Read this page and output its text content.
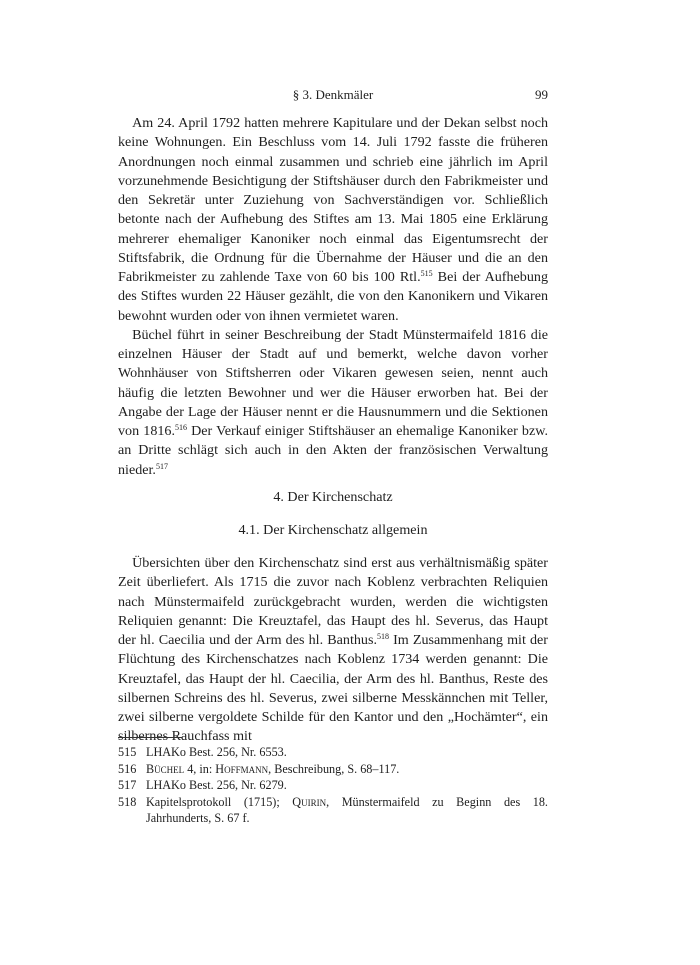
§ 3. Denkmäler	99

Am 24. April 1792 hatten mehrere Kapitulare und der Dekan selbst noch keine Wohnungen. Ein Beschluss vom 14. Juli 1792 fasste die früheren Anordnungen noch einmal zusammen und schrieb eine jährlich im April vorzunehmende Besichtigung der Stiftshäuser durch den Fabrikmeister und den Sekretär unter Zuziehung von Sachverständigen vor. Schließlich betonte nach der Aufhebung des Stiftes am 13. Mai 1805 eine Erklärung mehrerer ehemaliger Kanoniker noch einmal das Eigentumsrecht der Stiftsfabrik, die Ordnung für die Übernahme der Häuser und die an den Fabrikmeister zu zahlende Taxe von 60 bis 100 Rtl.$^{515}$ Bei der Aufhebung des Stiftes wurden 22 Häuser gezählt, die von den Kanonikern und Vikaren bewohnt wurden oder von ihnen vermietet waren.

Büchel führt in seiner Beschreibung der Stadt Münstermaifeld 1816 die einzelnen Häuser der Stadt auf und bemerkt, welche davon vorher Wohnhäuser von Stiftsherren oder Vikaren gewesen seien, nennt auch häufig die letzten Bewohner und wer die Häuser erworben hat. Bei der Angabe der Lage der Häuser nennt er die Hausnummern und die Sektionen von 1816.$^{516}$ Der Verkauf einiger Stiftshäuser an ehemalige Kanoniker bzw. an Dritte schlägt sich auch in den Akten der französischen Verwaltung nieder.$^{517}$

4. Der Kirchenschatz
4.1. Der Kirchenschatz allgemein

Übersichten über den Kirchenschatz sind erst aus verhältnismäßig später Zeit überliefert. Als 1715 die zuvor nach Koblenz verbrachten Reliquien nach Münstermaifeld zurückgebracht wurden, werden die wichtigsten Reliquien genannt: Die Kreuztafel, das Haupt des hl. Severus, das Haupt der hl. Caecilia und der Arm des hl. Banthus.$^{518}$ Im Zusammenhang mit der Flüchtung des Kirchenschatzes nach Koblenz 1734 werden genannt: Die Kreuztafel, das Haupt der hl. Caecilia, der Arm des hl. Banthus, Reste des silbernen Schreins des hl. Severus, zwei silberne Messkännchen mit Teller, zwei silberne vergoldete Schilde für den Kantor und den „Hochämter“, ein silbernes Rauchfass mit

515 LHAKo Best. 256, Nr. 6553.
516 Büchel 4, in: Hoffmann, Beschreibung, S. 68–117.
517 LHAKo Best. 256, Nr. 6279.
518 Kapitelsprotokoll (1715); Quirin, Münstermaifeld zu Beginn des 18. Jahrhunderts, S. 67 f.
